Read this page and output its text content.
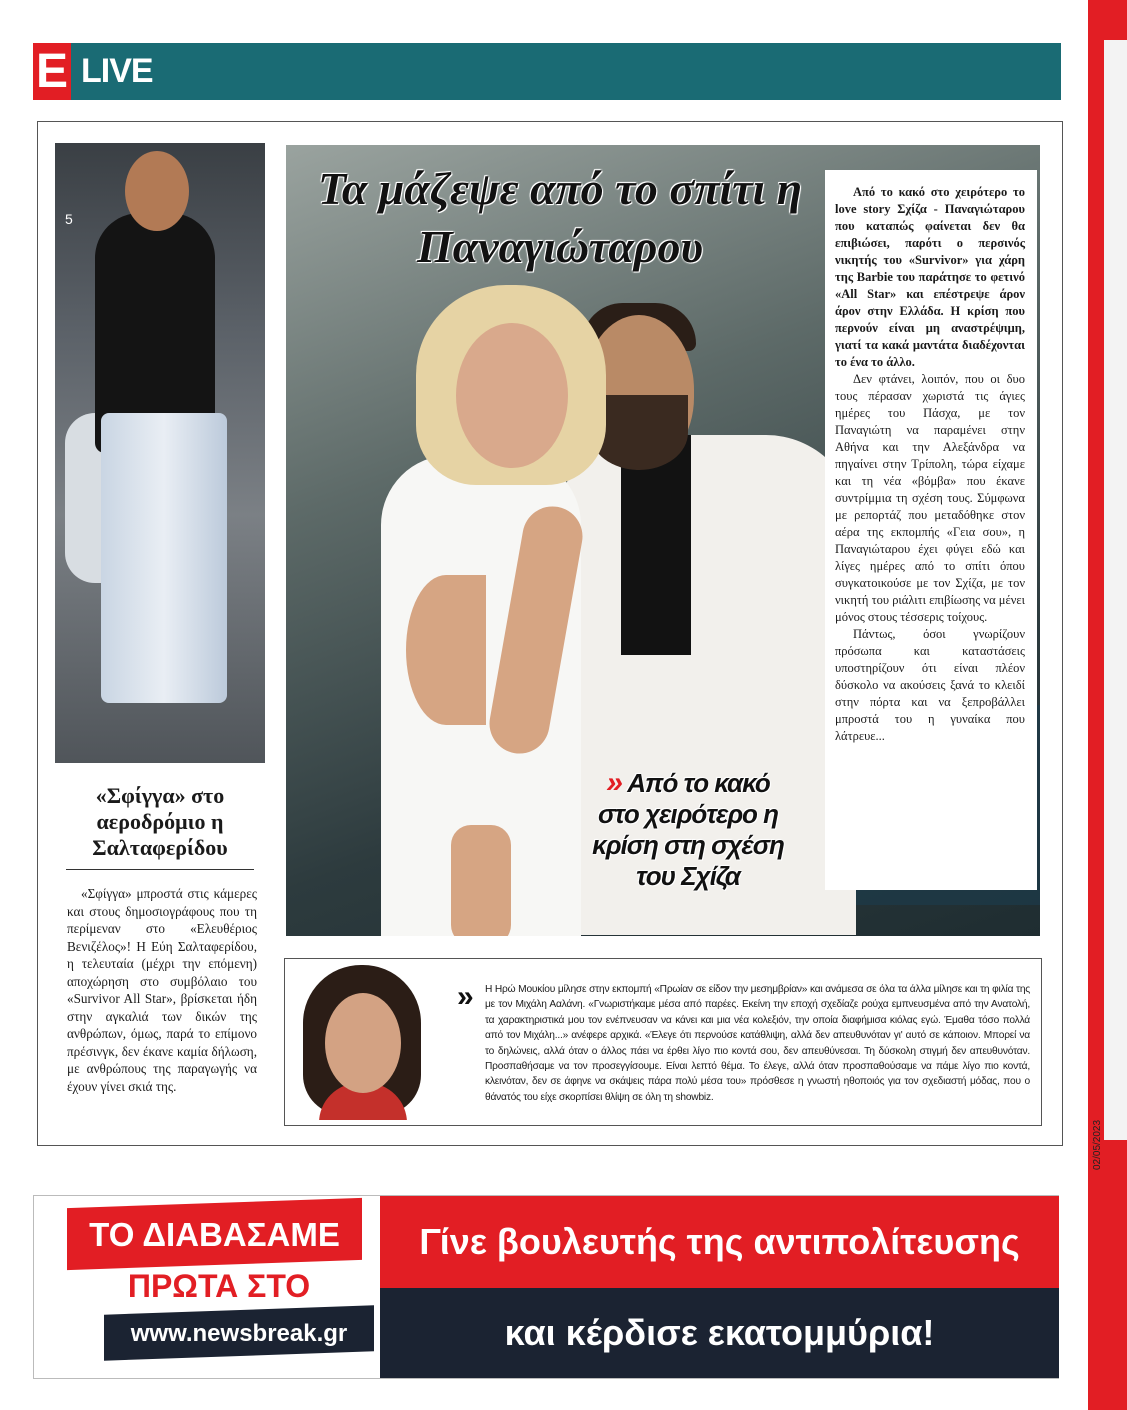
02/05/2023
E LIVE
5
«Σφίγγα» στο αεροδρόμιο η Σαλταφερίδου
«Σφίγγα» μπροστά στις κάμερες και στους δημοσιογράφους που τη περίμεναν στο «Ελευθέριος Βενιζέλος»! Η Εύη Σαλταφερίδου, η τελευταία (μέχρι την επόμενη) αποχώρηση στο συμβόλαιο του «Survivor All Star», βρίσκεται ήδη στην αγκαλιά των δικών της ανθρώπων, όμως, παρά το επίμονο πρέσινγκ, δεν έκανε καμία δήλωση, με ανθρώπους της παραγωγής να έχουν γίνει σκιά της.
Τα μάζεψε από το σπίτι η Παναγιώταρου
» Από το κακό στο χειρότερο η κρίση στη σχέση του Σχίζα

Από το κακό στο χειρότερο το love story Σχίζα - Παναγιώταρου που καταπώς φαίνεται δεν θα επιβιώσει, παρότι ο περσινός νικητής του «Survivor» για χάρη της Barbie του παράτησε το φετινό «All Star» και επέστρεψε άρον άρον στην Ελλάδα. Η κρίση που περνούν είναι μη αναστρέψιμη, γιατί τα κακά μαντάτα διαδέχονται το ένα το άλλο.

Δεν φτάνει, λοιπόν, που οι δυο τους πέρασαν χωριστά τις άγιες ημέρες του Πάσχα, με τον Παναγιώτη να παραμένει στην Αθήνα και την Αλεξάνδρα να πηγαίνει στην Τρίπολη, τώρα είχαμε και τη νέα «βόμβα» που έκανε συντρίμμια τη σχέση τους. Σύμφωνα με ρεπορτάζ που μεταδόθηκε στον αέρα της εκπομπής «Γεια σου», η Παναγιώταρου έχει φύγει εδώ και λίγες ημέρες από το σπίτι όπου συγκατοικούσε με τον Σχίζα, με τον νικητή του ριάλιτι επιβίωσης να μένει μόνος στους τέσσερις τοίχους.

Πάντως, όσοι γνωρίζουν πρόσωπα και καταστάσεις υποστηρίζουν ότι είναι πλέον δύσκολο να ακούσεις ξανά το κλειδί στην πόρτα και να ξεπροβάλλει μπροστά του η γυναίκα που λάτρευε...

» Η Ηρώ Μουκίου μίλησε στην εκπομπή «Πρωίαν σε είδον την μεσημβρίαν» και ανάμεσα σε όλα τα άλλα μίλησε και τη φιλία της με τον Μιχάλη Ααλάνη. «Γνωριστήκαμε μέσα από παρέες. Εκείνη την εποχή σχεδίαζε ρούχα εμπνευσμένα από την Ανατολή, τα χαρακτηριστικά μου τον ενέπνευσαν να κάνει και μια νέα κολεξιόν, την οποία διαφήμισα κιόλας εγώ. Έμαθα τόσο πολλά από τον Μιχάλη...» ανέφερε αρχικά. «Έλεγε ότι περνούσε κατάθλιψη, αλλά δεν απευθυνόταν γι' αυτό σε κάποιον. Μπορεί να το δηλώνεις, αλλά όταν ο άλλος πάει να έρθει λίγο πιο κοντά σου, δεν απευθύνεσαι. Τη δύσκολη στιγμή δεν απευθυνόταν. Προσπαθήσαμε να τον προσεγγίσουμε. Είναι λεπτό θέμα. Το έλεγε, αλλά όταν προσπαθούσαμε να πάμε λίγο πιο κοντά, κλεινόταν, δεν σε άφηνε να σκάψεις πάρα πολύ μέσα του» πρόσθεσε η γνωστή ηθοποιός για τον σχεδιαστή μόδας, που ο θάνατός του είχε σκορπίσει θλίψη σε όλη τη showbiz.
ΤΟ ΔΙΑΒΑΣΑΜΕ
ΠΡΩΤΑ ΣΤΟ
www.newsbreak.gr
Γίνε βουλευτής της αντιπολίτευσης
και κέρδισε εκατομμύρια!
